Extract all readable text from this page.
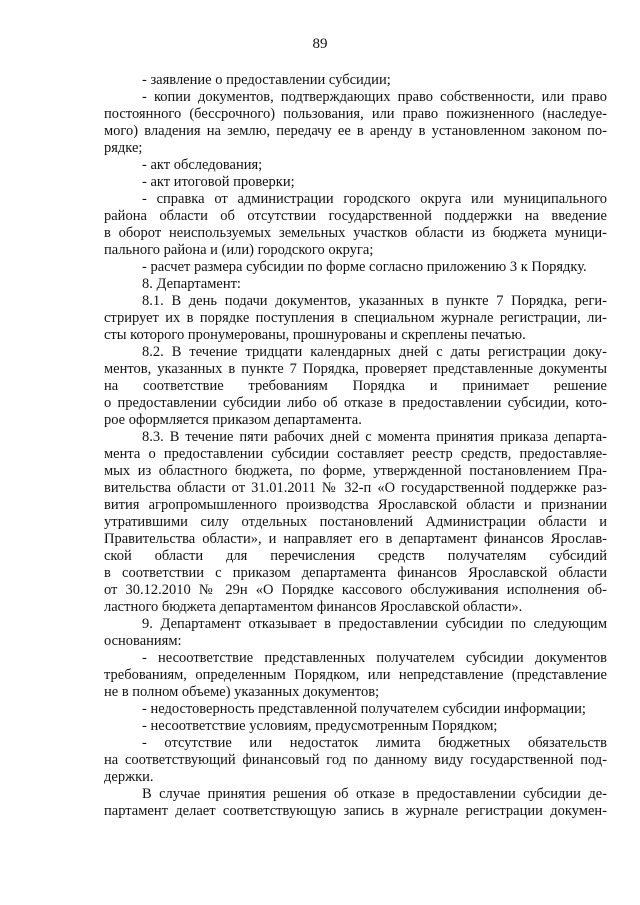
89
- заявление о предоставлении субсидии;
- копии документов, подтверждающих право собственности, или право
постоянного (бессрочного) пользования, или право пожизненного (наследуе-
мого) владения на землю, передачу ее в аренду в установленном законом по-
рядке;
- акт обследования;
- акт итоговой проверки;
- справка от администрации городского округа или муниципального
района области об отсутствии государственной поддержки на введение
в оборот неиспользуемых земельных участков области из бюджета муници-
пального района и (или) городского округа;
- расчет размера субсидии по форме согласно приложению 3 к Порядку.
8. Департамент:
8.1. В день подачи документов, указанных в пункте 7 Порядка, реги-
стрирует их в порядке поступления в специальном журнале регистрации, ли-
сты которого пронумерованы, прошнурованы и скреплены печатью.
8.2. В течение тридцати календарных дней с даты регистрации доку-
ментов, указанных в пункте 7 Порядка, проверяет представленные документы
на соответствие требованиям Порядка и принимает решение
о предоставлении субсидии либо об отказе в предоставлении субсидии, кото-
рое оформляется приказом департамента.
8.3. В течение пяти рабочих дней с момента принятия приказа департа-
мента о предоставлении субсидии составляет реестр средств, предоставляе-
мых из областного бюджета, по форме, утвержденной постановлением Пра-
вительства области от 31.01.2011 № 32-п «О государственной поддержке раз-
вития агропромышленного производства Ярославской области и признании
утратившими силу отдельных постановлений Администрации области и
Правительства области», и направляет его в департамент финансов Ярослав-
ской области для перечисления средств получателям субсидий
в соответствии с приказом департамента финансов Ярославской области
от 30.12.2010 № 29н «О Порядке кассового обслуживания исполнения об-
ластного бюджета департаментом финансов Ярославской области».
9. Департамент отказывает в предоставлении субсидии по следующим
основаниям:
- несоответствие представленных получателем субсидии документов
требованиям, определенным Порядком, или непредставление (представление
не в полном объеме) указанных документов;
- недостоверность представленной получателем субсидии информации;
- несоответствие условиям, предусмотренным Порядком;
- отсутствие или недостаток лимита бюджетных обязательств
на соответствующий финансовый год по данному виду государственной под-
держки.
В случае принятия решения об отказе в предоставлении субсидии де-
партамент делает соответствующую запись в журнале регистрации докумен-
